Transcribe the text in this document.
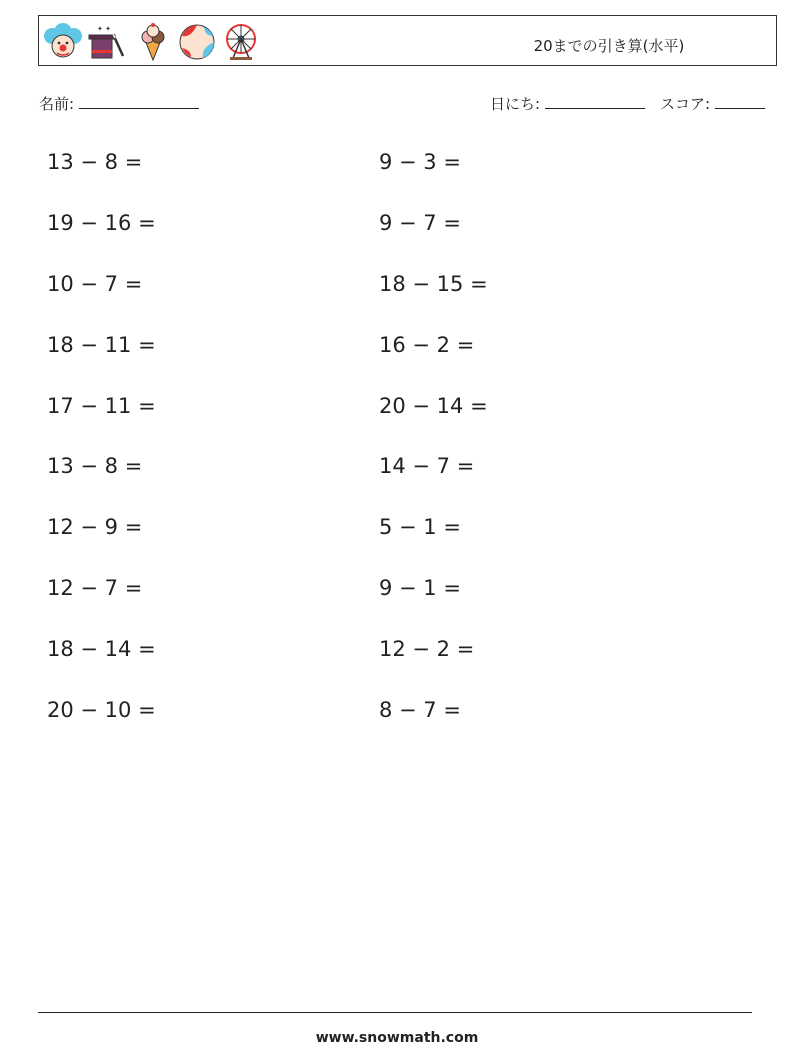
✦ ✦
20までの引き算(水平)
名前:	日にち:	スコア:
13 − 8 =
19 − 16 =
10 − 7 =
18 − 11 =
17 − 11 =
13 − 8 =
12 − 9 =
12 − 7 =
18 − 14 =
20 − 10 =
9 − 3 =
9 − 7 =
18 − 15 =
16 − 2 =
20 − 14 =
14 − 7 =
5 − 1 =
9 − 1 =
12 − 2 =
8 − 7 =
www.snowmath.com
